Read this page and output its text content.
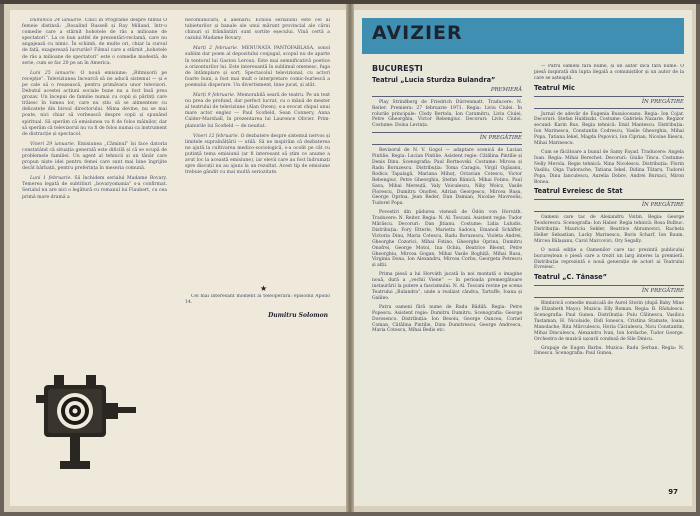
Duminică 24 ianuarie. Cinci în Programe despre filmul O femeie distinsă: „Rosalind Russell și Ray Milland, într-o comedie care a stârnit hohotele de râs a milioane de spectatori”. La ce bun astfel de prezentări-reclamă, care nu angajează cu nimic. În schimb, de multe ori, chiar la cursul de față, exagerează lucrurile? Filmul care a stârnit „hohotele de râs a milioane de spectatori” este o comedie modestă, de serie, cum se fac 20 pe an în America.

Luni 25 ianuarie. O nouă emisiune: „Ritmișorii pe recepție”. Televiziunea încearcă să ne aducă sistemul — și e pe cale să o reușească, pentru primăvara unor televizori. Debutul acestei acțiuni sociale bune nu a fost însă prea grozav. Un începui de familie numai cu copii și părinți care trăiesc în lumea lor, care nu știu să se alimenteze cu delicatețe din biroul directorului. Mima devine, nu se mai poate, nici chiar să vorbească despre copii și spunând spiritual. Să sperăm că emisiunea va fi de folos mâinilor, dar să sperăm că televizorul nu va fi de folos numai ca instrument de distracție și spectacol.

Vineri 29 ianuarie. Emisiunea „Căminul” își face datoria constatând că situația generală este dificilă și că se ocupă de problemele familiei. Un agent al tehnicii și un tânăr care propun niște idei pentru femei care sunt mai bine îngrijite decât bărbații, pentru preferința în meseria comună.

Luni 1 februarie. Să închidem serialul Madame Bovary. Temerea legată de subtitluri „bovaryomania” s-a confirmat. Serialul nu are nici o legătură cu romanul lui Flaubert, cu cea primă mare dramă a

necomunicării, a alienării. Ecnioa serialului este cel al tabieturilor și banale ale unui mărunt provincial ale cărui chinuri și frământări sunt sortite eșecului. Vină certă a cazului Madame Bovary.

Marți 2 februarie. MENUNATA PANTOFABLASA, sonol sublim dar poem al depozitului conjugal, scopul nu de aparte în tentorul lui Gaston Leroux. Este mai semnificativă poetice a orizonturilor lui. Este interesantă în sublimul omenesc, fuga de întâmplare și sorț. Spectacolul televizional, cu actori foarte buni, a fost mai mult o interpretare comic-burlescă a poemului disperare. Un divertisment, bine jucat, și atât.

Marți 9 februarie. Memorabilă seară de teatru. Pe un text nu prea de profund, dar perfect lucrat, cu o mână de meșter al teatrului de televiziune (Alan Owen), s-a evocat chipul unui mare actor englez — Paul Scofield, Sean Connery, Anna Calder-Marshall, în prezentarea lui Laurence Olivier. Prim-planurile lui Scofield — de neuitat.

Vineri 12 februarie. O dezbatere despre sistemul nervos și limitele supraînălțării — utilă. Să ne inspirăm că dezbaterea ne ajută la cultivarea medico-sociologică, s-a ocolit pe cât cu putință tema emisiunii (ar fi interesant să știm ce anume a avut loc la această emisiune), iar elevii care au fost îndrumați spre discuții nu au ajuns la un rezultat. Acest tip de emisiune trebuie gândit cu mai multă seriozitate.

★

Cel mai interesant moment al teleoperării: episodul Apollo 14.

Dumitru Solomon
AVIZIER
BUCUREȘTI
Teatrul „Lucia Sturdza Bulandra”
PREMIERĂ

Play Strindberg de Friedrich Dürrenmatt. Traducere: N. Reiter. Premiera: 27 februarie 1971. Regia: Liviu Ciulei. În rolurile principale: Clody Bertola, Ion Caramitru, Liviu Ciulei, Petre Gheorghiu, Victor Rebengiuc. Decoruri: Liviu Ciulei. Costume: Doina Levința.

ÎN PREGĂTIRE

Revizorul de N. V. Gogol — adaptare scenică de Lucian Pintilie. Regia: Lucian Pintilie. Asistent regie: Cătălina Pintilie și Denis Dinu. Scenografia: Paul Bortnovski. Costume: Mircea și Radu Boruzescu. Distribuția: Toma Caragiu, Virgil Ogășanu, Rodica Tapalagă, Mariana Mihuț, Octavian Cotescu, Victor Rebengiuc, Petre Gheorghiu, Ștefan Bănică, Mihai Fotino, Paul Sava, Mihai Mereuță, Valy Voiculescu, Niky Wolcz, Vasile Florescu, Dumitru Onofrei, Adrian Georgescu, Mircea Rușu, George Oprina, Jean Reder, Dan Damian, Nicolae Mavreolis, Tudorel Popa.

Povestiri din pădurea vieneză de Ödön von Horváth. Traducere: N. Reiter. Regia: N. Al. Toscani. Asistent regie: Tudor Mărăscu. Decoruri: Dan Jitianu. Costume: Lidia Luludis. Distribuția: Fory Etterle, Marietta Sadova, Emanoil Schäffer, Victoria Dinu, Maria Cotescu, Radu Boruzescu, Violeta Andrei, Gheorghe Cozorici, Mihai Fotino, Gheorghe Oprina, Dumitru Onofrei, George Motoi, Ina Ochiu, Beatrice Bleont, Petre Gheorghiu, Mircea Gogan, Mihai Vasile Boghiță, Mihai Rusu, Virginia Dona, Ion Alexandru, Mircea Corbu, Georgeta Petrescu și alții.

Prima piesă a lui Horváth jucată la noi montată o imagine nouă, dură a „vechii Viene” — în perioada premergătoare instaurării la putere a fascismului. N. Al. Toscani revine pe scena Teatrului „Bulandra”, unde a realizat cândva, Tartuffe, Ioana și Galileo.

Patru oameni fără nume de Radu Bădilă. Regia: Petre Popescu. Asistent regie: Dumitru Dumitru. Scenografia: George Dorosenco. Distribuția: Ion Besoiu, George Oancea, Cornel Coman, Cătălina Pintilie, Dinu Dumitrescu, George Andrescu, Maria Cotescu, Mihai Bedis etc.

— Patru oameni fără nume, și un autor încă fără nume. O piesă inspirată din lupta ilegală a comuniștilor și un autor de la care se așteaptă.

Teatrul Mic
ÎN PREGĂTIRE

Jurnal de adevăr de Eugenia Busuioceanu. Regia: Ion Cojar. Decoruri: Ștefan Haldiszki. Costume: Gabriela Nazarie. Regizor secund: Karin Rus. Regia tehnică: Emil Mantescu. Distribuția: Ion Marinescu, Constantin Codrescu, Vasile Gheorghiu, Mihai Popa, Tatiana Iekel, Magda Popovici, Ion Ciprian, Nicolae Iliescu, Mihai Marinescu.

Cum se făcătoare a bunul de Samy Fayad. Traducere: Angela Ioan. Regia: Mihai Berechet. Decoruri: Giulio Tincu. Costume: Nelly Merola. Regie tehnică: Nina Nicolescu. Distribuția: Florin Vasiliu, Olga Tudorache, Tatiana Iekel, Didina Tătaru, Tudorel Popa, Dinu Ianculescu, Aurelia Dobre, Andrei Bursaci, Miron Bonea.

Teatrul Evreiesc de Stat
ÎN PREGĂTIRE

Oameni care tac de Alexandru Voitin. Regia: George Teodorescu. Scenografia: Ion Haber. Regia tehnică: Rosa Bulbuc. Distribuția: Mauriciu Sekler, Beatrice Abramovici, Rachela Heller Sebastian, Lucky Marinescu, Boris Scharf, Ion Baum, Mircea Bălașanu, Carol Marcovici, Ory Segally.

O nouă ediție a Oamenilor care tac prezintă publicului bucureștean o piesă care a trezit un larg interes la premieră. Distribuția reprezintă o nouă generație de actori ai Teatrului Evreiesc.

Teatrul „C. Tănase”
ÎN PREGĂTIRE

Bimbiricã comedie muzicală de Aurel Storin (după Baby Mine de Elizabeth Mayo). Muzica: Elly Roman. Regia: B. Rădulescu. Scenografia: Paul Gunea. Distribuția: Puiu Călinescu, Vasilica Tastaman, H. Nicolaide, Didi Ionescu, Cristina Stamate, Ioana Manolache, Rita Mărculescu, Horia Căciulescu, Nicu Constantin, Mihai Dinculescu, Alexandru Ivan, Ion Iordache, Tudor Goerge. Orchestra de muzică ușoară condusă de Sile Dinicu.

Grupaje de Eugen Barbu. Muzica: Radu Șerban. Regia: N. Dinescu. Scenografia: Paul Gunea.

97
